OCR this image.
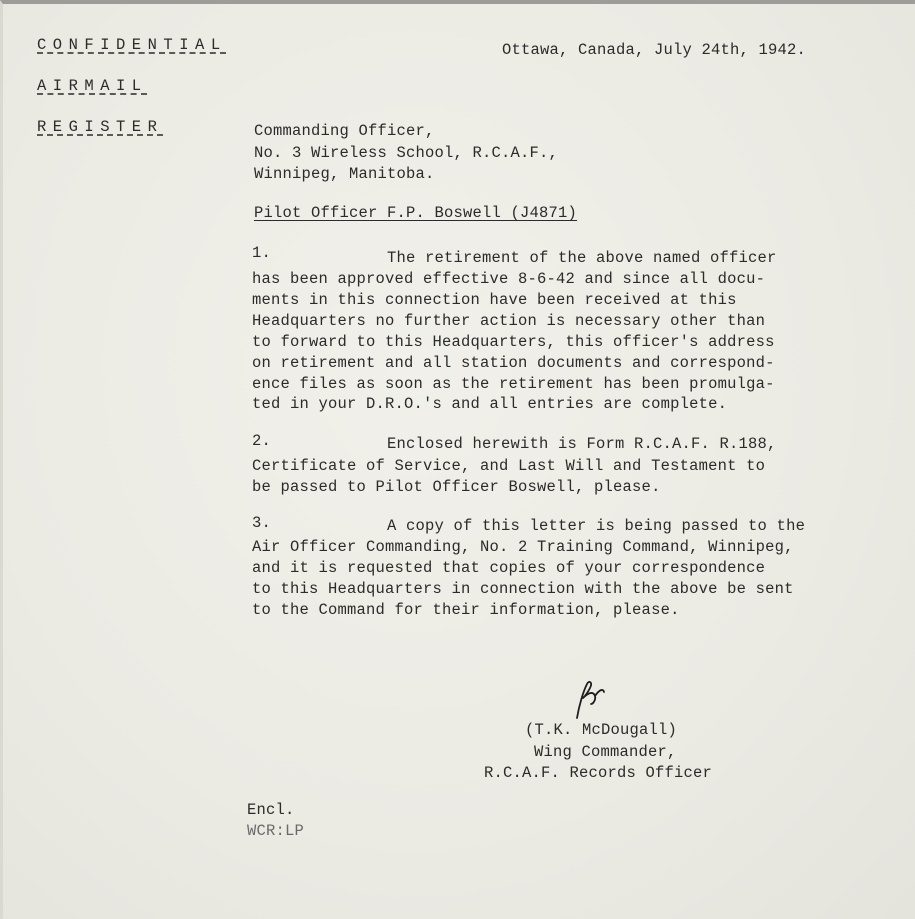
CONFIDENTIAL
AIRMAIL
REGISTER
Ottawa, Canada, July 24th, 1942.
Commanding Officer,
No. 3 Wireless School, R.C.A.F.,
Winnipeg, Manitoba.
Pilot Officer F.P. Boswell (J4871)
1.	The retirement of the above named officer
has been approved effective 8-6-42 and since all docu-
ments in this connection have been received at this
Headquarters no further action is necessary other than
to forward to this Headquarters, this officer's address
on retirement and all station documents and correspond-
ence files as soon as the retirement has been promulga-
ted in your D.R.O.'s and all entries are complete.
2.	Enclosed herewith is Form R.C.A.F. R.188,
Certificate of Service, and Last Will and Testament to
be passed to Pilot Officer Boswell, please.
3.	A copy of this letter is being passed to the
Air Officer Commanding, No. 2 Training Command, Winnipeg,
and it is requested that copies of your correspondence
to this Headquarters in connection with the above be sent
to the Command for their information, please.
(T.K. McDougall)
Wing Commander,
R.C.A.F. Records Officer
Encl.
WCR:LP
